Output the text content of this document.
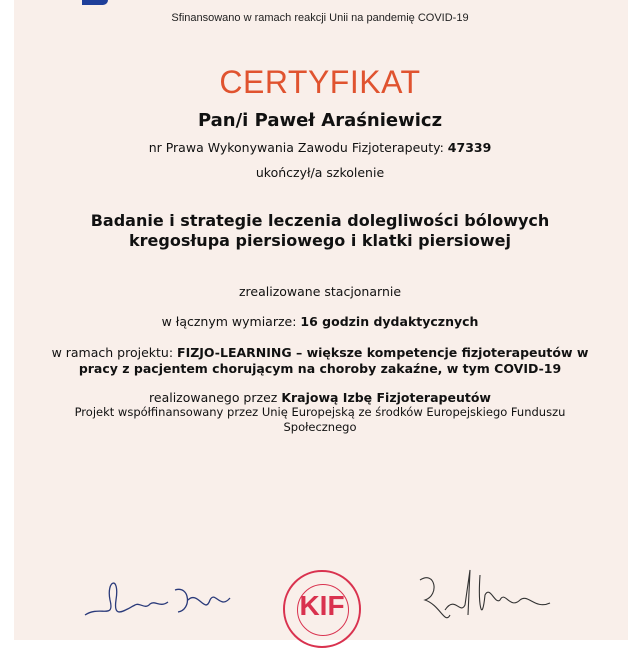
Sfinansowano w ramach reakcji Unii na pandemię COVID-19
CERTYFIKAT
Pan/i Paweł Araśniewicz
nr Prawa Wykonywania Zawodu Fizjoterapeuty: 47339
ukończył/a szkolenie
Badanie i strategie leczenia dolegliwości bólowych
kregosłupa piersiowego i klatki piersiowej
zrealizowane stacjonarnie
w łącznym wymiarze: 16 godzin dydaktycznych
w ramach projektu: FIZJO-LEARNING – większe kompetencje fizjoterapeutów w
pracy z pacjentem chorującym na choroby zakaźne, w tym COVID-19
realizowanego przez Krajową Izbę Fizjoterapeutów
Projekt współfinansowany przez Unię Europejską ze środków Europejskiego Funduszu
Społecznego
KIF
